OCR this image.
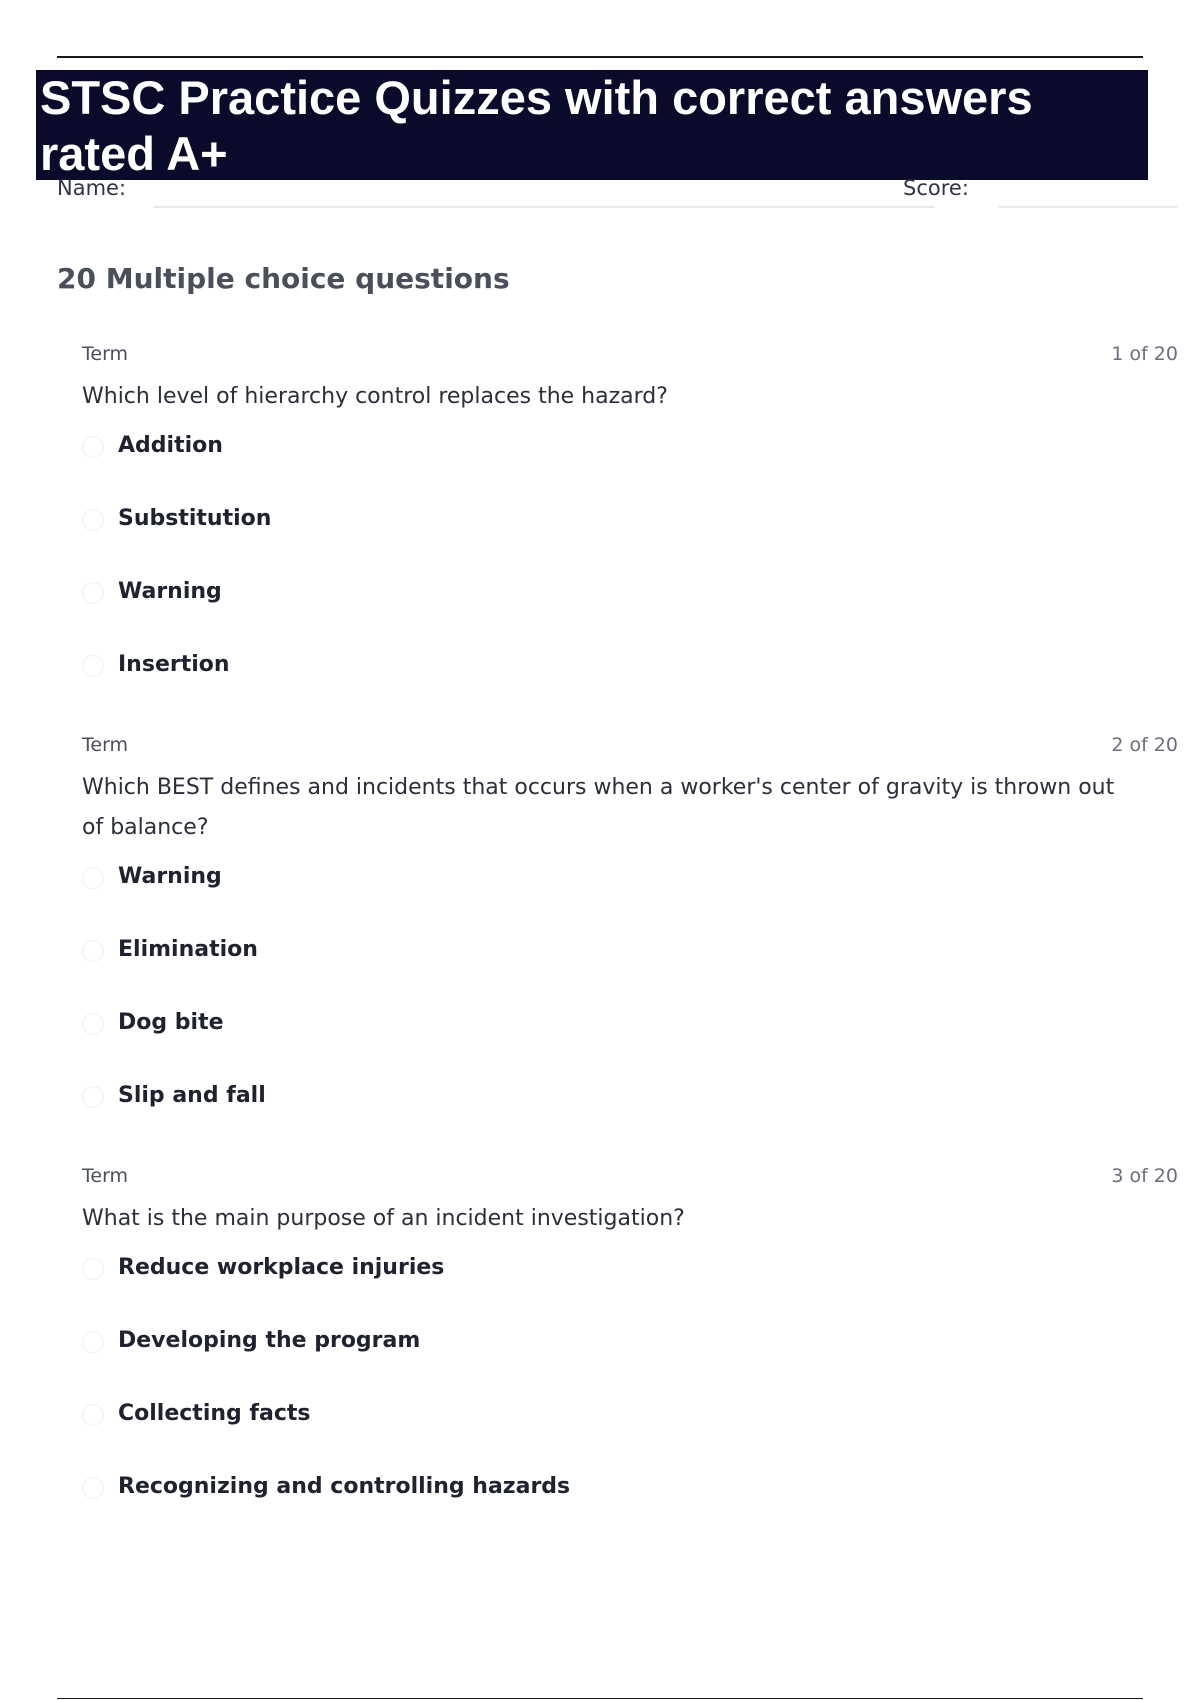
STSC Practice Quizzes with correct answers
rated A+
Name:	Score:
20 Multiple choice questions
Term	1 of 20

Which level of hierarchy control replaces the hazard?

Addition
Substitution
Warning
Insertion
Term	2 of 20

Which BEST defines and incidents that occurs when a worker's center of gravity is thrown out of balance?

Warning
Elimination
Dog bite
Slip and fall
Term	3 of 20

What is the main purpose of an incident investigation?

Reduce workplace injuries
Developing the program
Collecting facts
Recognizing and controlling hazards
